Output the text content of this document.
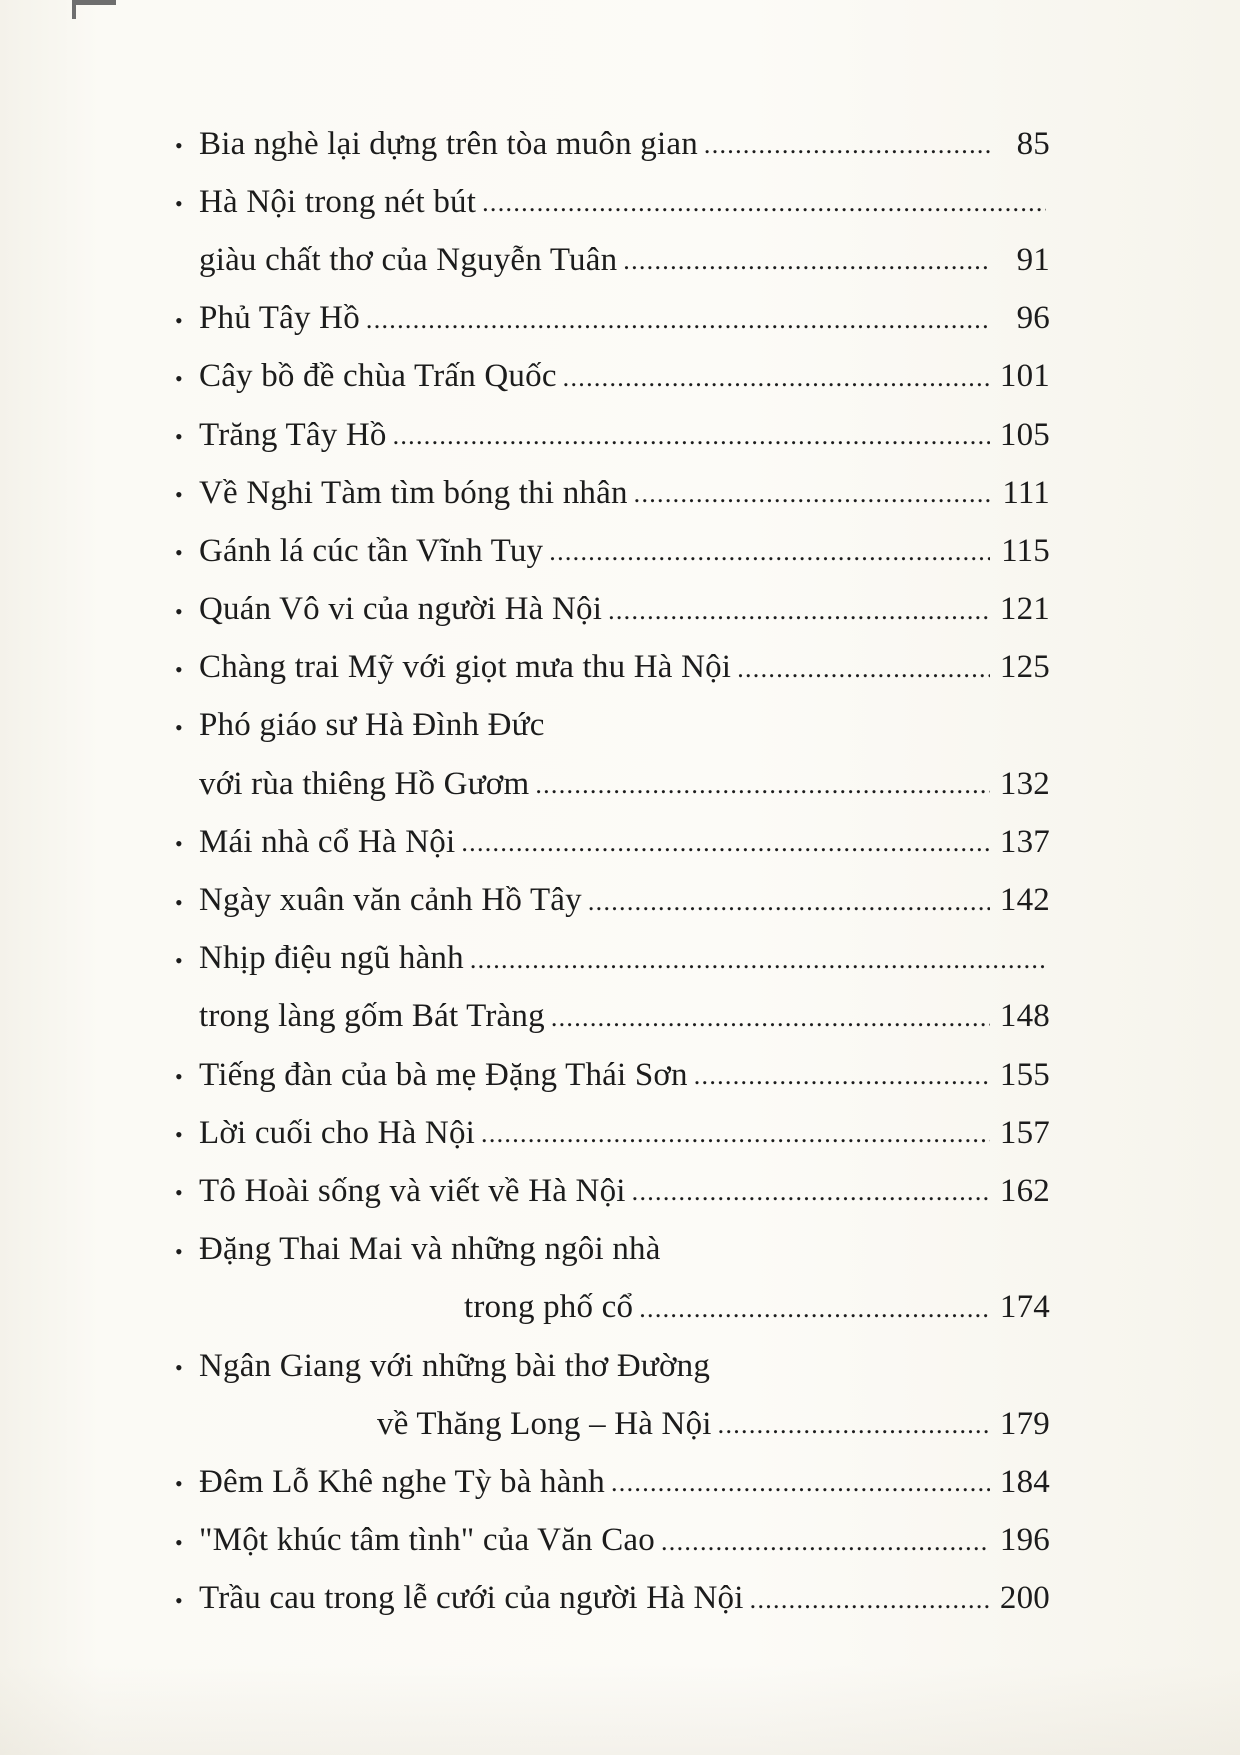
• Bia nghè lại dựng trên tòa muôn gian . . .	85
• Hà Nội trong nét bút
. . .
giàu chất thơ của Nguyễn Tuân . . .	91
• Phủ Tây Hồ . . .	96
• Cây bồ đề chùa Trấn Quốc . . .	101
• Trăng Tây Hồ . . .	105
• Về Nghi Tàm tìm bóng thi nhân . . .	111
• Gánh lá cúc tần Vĩnh Tuy . . .	115
• Quán Vô vi của người Hà Nội . . .	121
• Chàng trai Mỹ với giọt mưa thu Hà Nội . . .	125
• Phó giáo sư Hà Đình Đức
với rùa thiêng Hồ Gươm . . .	132
• Mái nhà cổ Hà Nội . . .	137
• Ngày xuân văn cảnh Hồ Tây . . .	142
• Nhịp điệu ngũ hành
. . .
trong làng gốm Bát Tràng . . .	148
• Tiếng đàn của bà mẹ Đặng Thái Sơn . . .	155
• Lời cuối cho Hà Nội . . .	157
• Tô Hoài sống và viết về Hà Nội . . .	162
• Đặng Thai Mai và những ngôi nhà
trong phố cổ . . .	174
• Ngân Giang với những bài thơ Đường
về Thăng Long – Hà Nội . . .	179
• Đêm Lỗ Khê nghe Tỳ bà hành . . .	184
• "Một khúc tâm tình" của Văn Cao . . .	196
• Trầu cau trong lễ cưới của người Hà Nội . . .	200
